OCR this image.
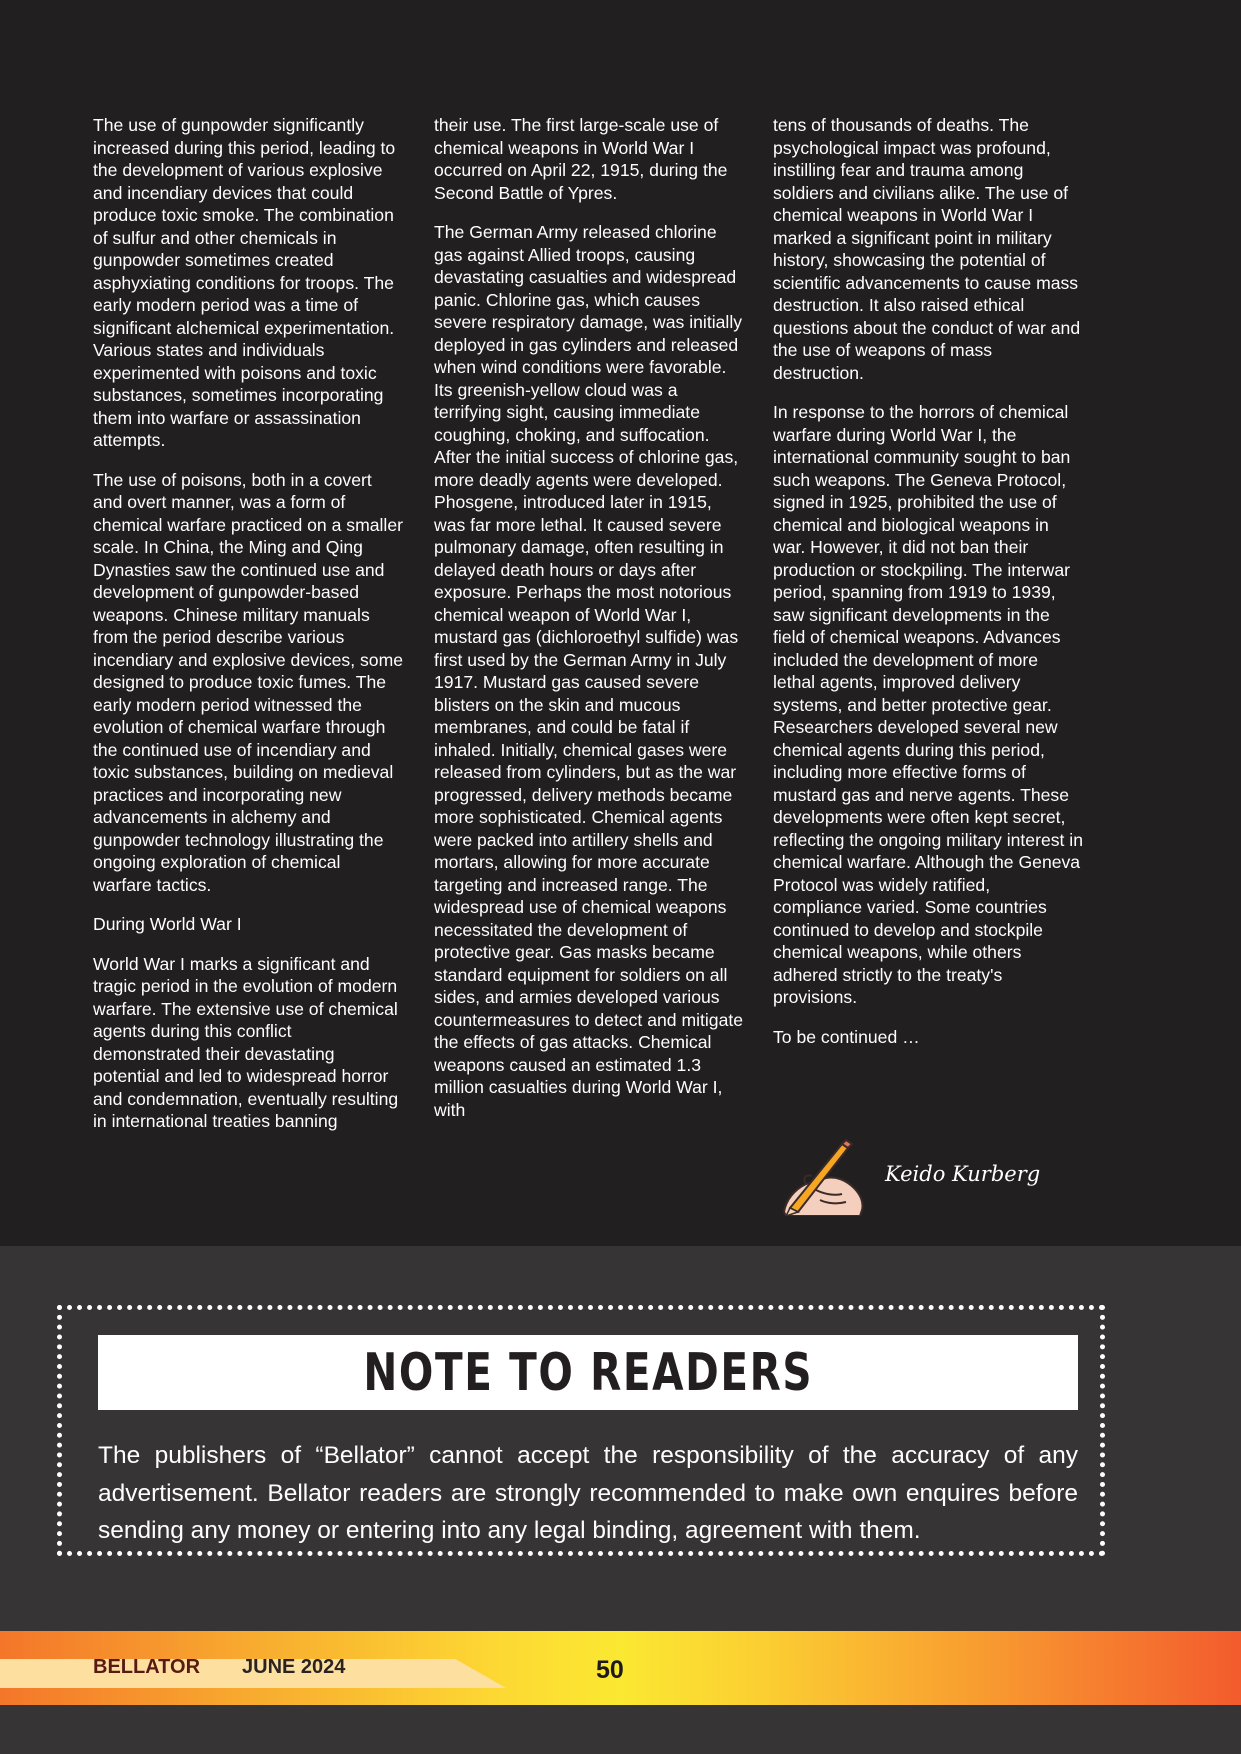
The use of gunpowder significantly increased during this period, leading to the development of various explosive and incendiary devices that could produce toxic smoke. The combination of sulfur and other chemicals in gunpowder sometimes created asphyxiating conditions for troops. The early modern period was a time of significant alchemical experimentation. Various states and individuals experimented with poisons and toxic substances, sometimes incorporating them into warfare or assassination attempts.

The use of poisons, both in a covert and overt manner, was a form of chemical warfare practiced on a smaller scale. In China, the Ming and Qing Dynasties saw the continued use and development of gunpowder-based weapons. Chinese military manuals from the period describe various incendiary and explosive devices, some designed to produce toxic fumes. The early modern period witnessed the evolution of chemical warfare through the continued use of incendiary and toxic substances, building on medieval practices and incorporating new advancements in alchemy and gunpowder technology illustrating the ongoing exploration of chemical warfare tactics.

During World War I

World War I marks a significant and tragic period in the evolution of modern warfare. The extensive use of chemical agents during this conflict demonstrated their devastating potential and led to widespread horror and condemnation, eventually resulting in international treaties banning

their use. The first large-scale use of chemical weapons in World War I occurred on April 22, 1915, during the Second Battle of Ypres.

The German Army released chlorine gas against Allied troops, causing devastating casualties and widespread panic. Chlorine gas, which causes severe respiratory damage, was initially deployed in gas cylinders and released when wind conditions were favorable. Its greenish-yellow cloud was a terrifying sight, causing immediate coughing, choking, and suffocation. After the initial success of chlorine gas, more deadly agents were developed. Phosgene, introduced later in 1915, was far more lethal. It caused severe pulmonary damage, often resulting in delayed death hours or days after exposure. Perhaps the most notorious chemical weapon of World War I, mustard gas (dichloroethyl sulfide) was first used by the German Army in July 1917. Mustard gas caused severe blisters on the skin and mucous membranes, and could be fatal if inhaled. Initially, chemical gases were released from cylinders, but as the war progressed, delivery methods became more sophisticated. Chemical agents were packed into artillery shells and mortars, allowing for more accurate targeting and increased range. The widespread use of chemical weapons necessitated the development of protective gear. Gas masks became standard equipment for soldiers on all sides, and armies developed various countermeasures to detect and mitigate the effects of gas attacks. Chemical weapons caused an estimated 1.3 million casualties during World War I, with

tens of thousands of deaths. The psychological impact was profound, instilling fear and trauma among soldiers and civilians alike. The use of chemical weapons in World War I marked a significant point in military history, showcasing the potential of scientific advancements to cause mass destruction. It also raised ethical questions about the conduct of war and the use of weapons of mass destruction.

In response to the horrors of chemical warfare during World War I, the international community sought to ban such weapons. The Geneva Protocol, signed in 1925, prohibited the use of chemical and biological weapons in war. However, it did not ban their production or stockpiling. The interwar period, spanning from 1919 to 1939, saw significant developments in the field of chemical weapons. Advances included the development of more lethal agents, improved delivery systems, and better protective gear. Researchers developed several new chemical agents during this period, including more effective forms of mustard gas and nerve agents. These developments were often kept secret, reflecting the ongoing military interest in chemical warfare. Although the Geneva Protocol was widely ratified, compliance varied. Some countries continued to develop and stockpile chemical weapons, while others adhered strictly to the treaty's provisions.

To be continued …

Keido Kurberg
NOTE TO READERS
The publishers of “Bellator” cannot accept the responsibility of the accuracy of any advertisement. Bellator readers are strongly recommended to make own enquires before sending any money or entering into any legal binding, agreement with them.
BELLATOR JUNE 2024	50
